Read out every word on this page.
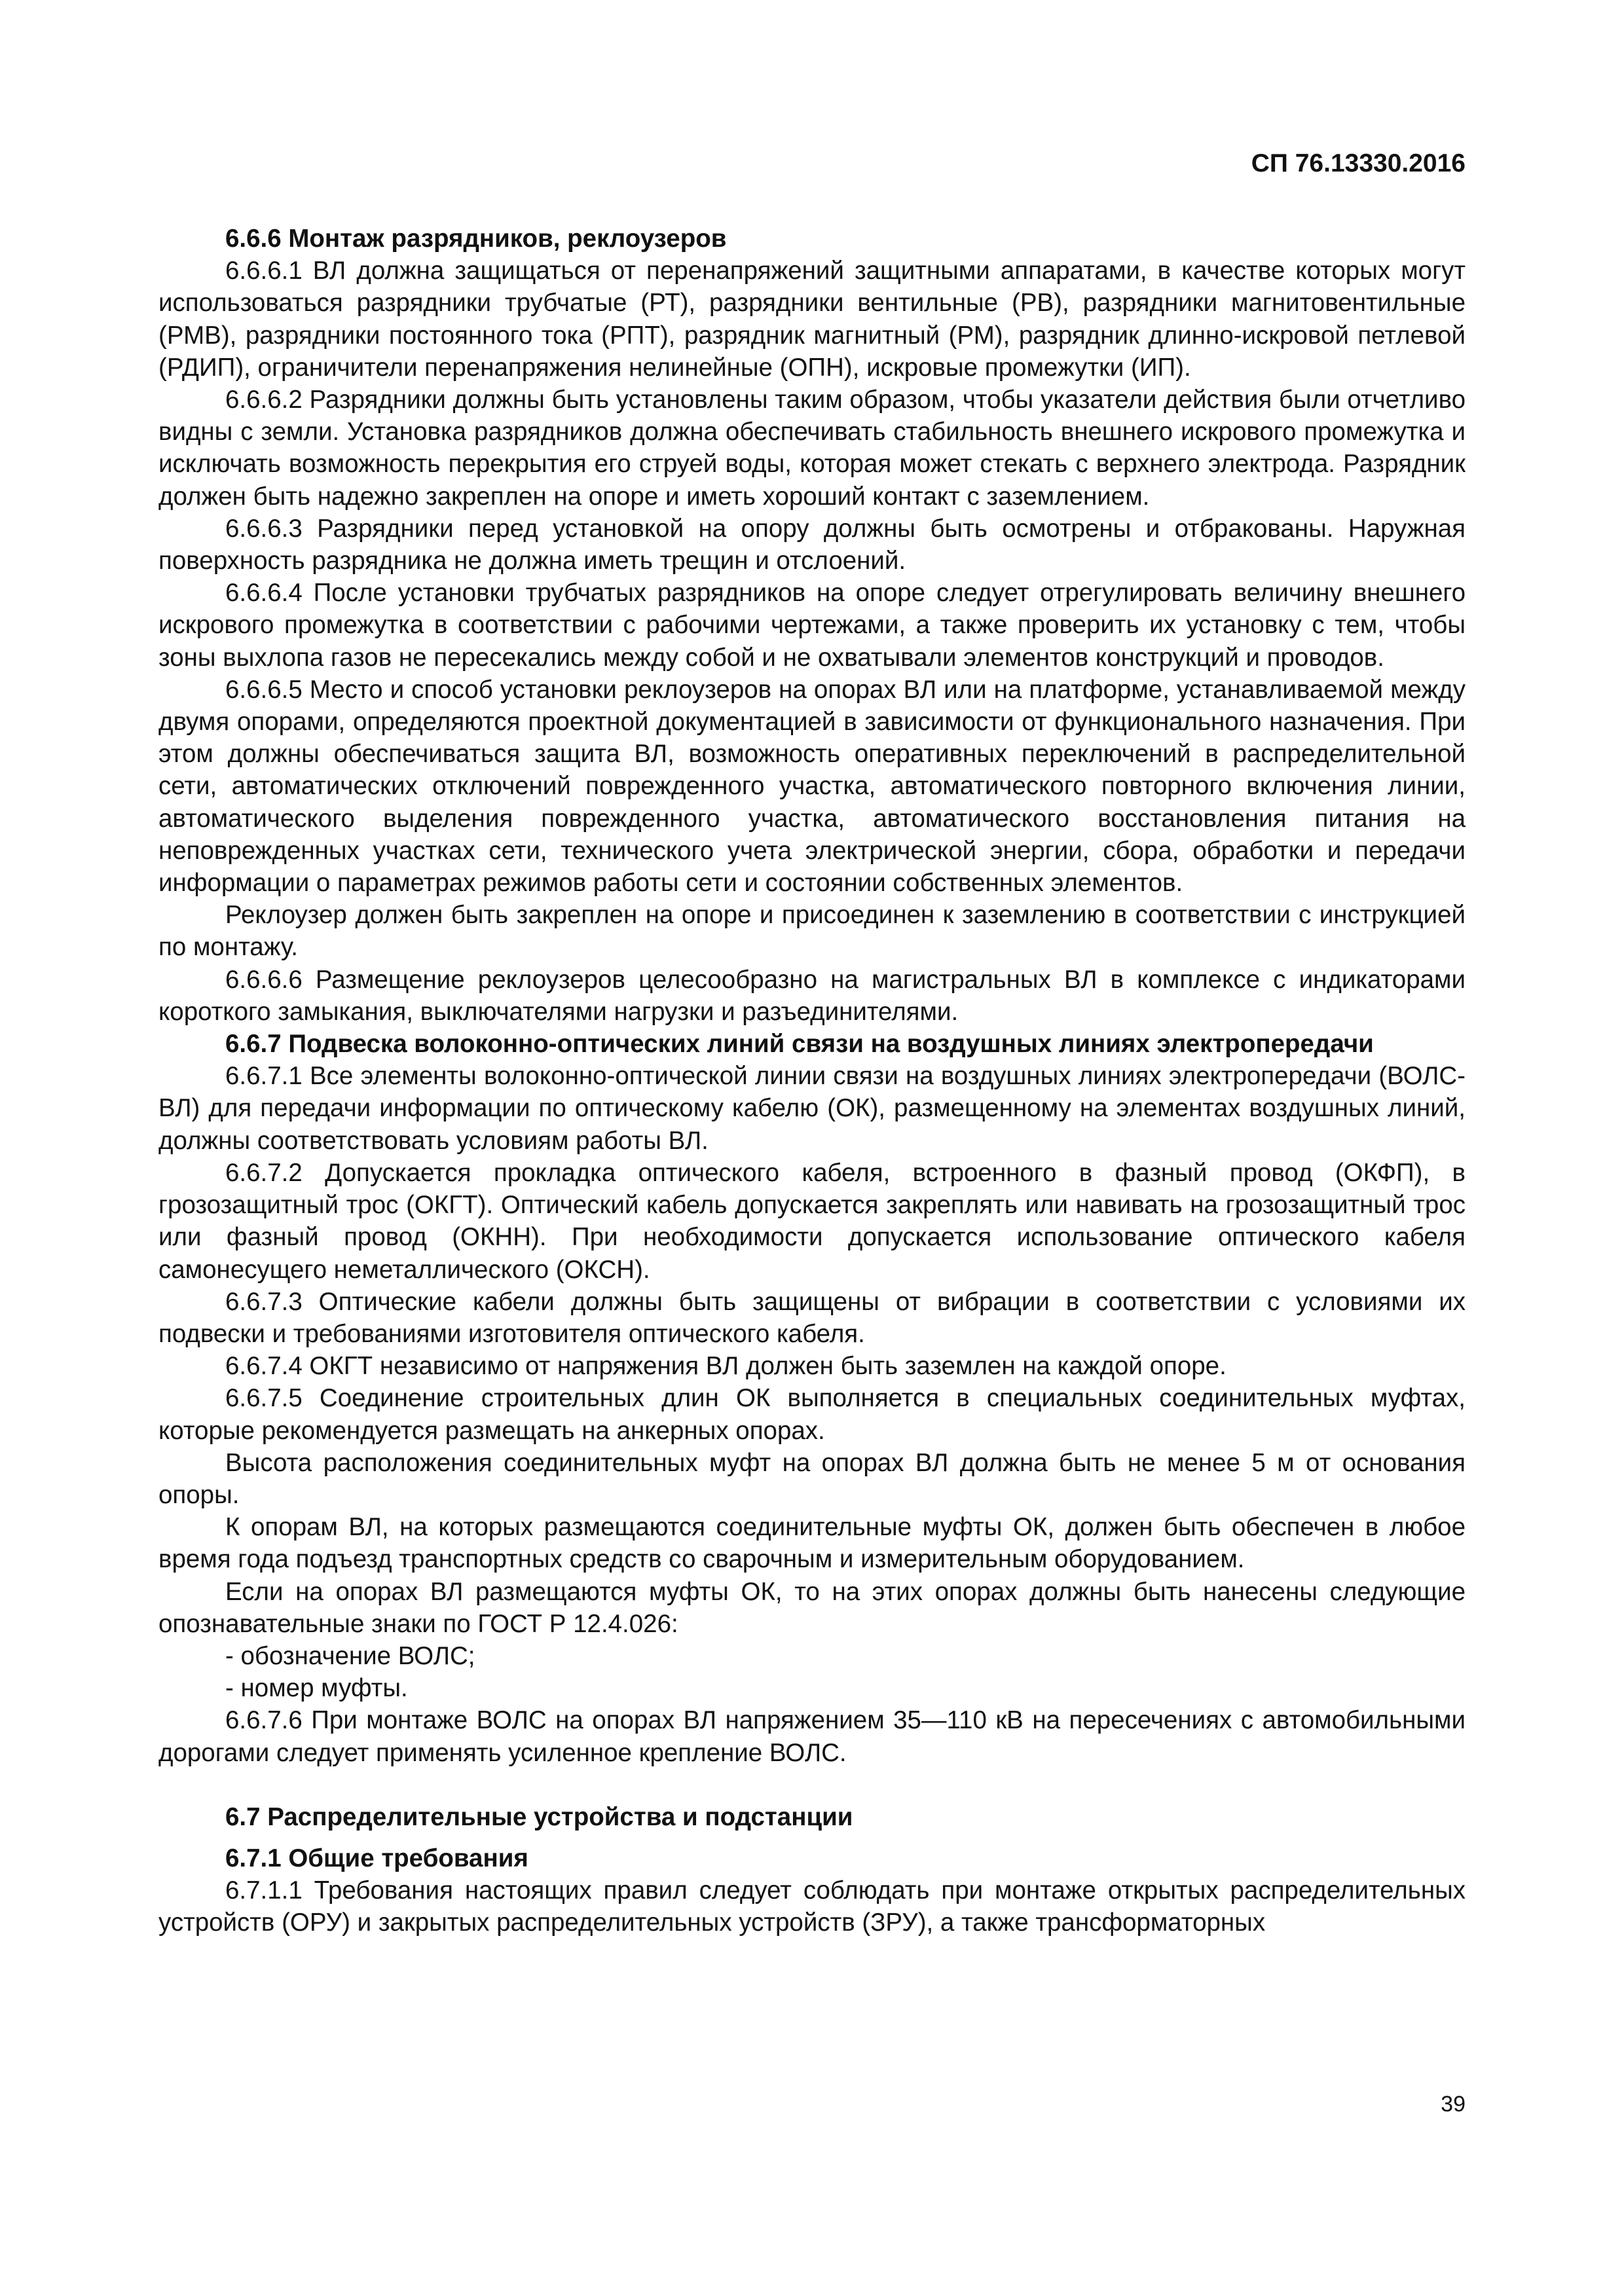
СП 76.13330.2016

6.6.6 Монтаж разрядников, реклоузеров

6.6.6.1 ВЛ должна защищаться от перенапряжений защитными аппаратами, в качестве которых могут использоваться разрядники трубчатые (РТ), разрядники вентильные (РВ), разрядники магнитовентильные (РМВ), разрядники постоянного тока (РПТ), разрядник магнитный (РМ), разрядник длинно-искровой петлевой (РДИП), ограничители перенапряжения нелинейные (ОПН), искровые промежутки (ИП).

6.6.6.2 Разрядники должны быть установлены таким образом, чтобы указатели действия были отчетливо видны с земли. Установка разрядников должна обеспечивать стабильность внешнего искрового промежутка и исключать возможность перекрытия его струей воды, которая может стекать с верхнего электрода. Разрядник должен быть надежно закреплен на опоре и иметь хороший контакт с заземлением.

6.6.6.3 Разрядники перед установкой на опору должны быть осмотрены и отбракованы. Наружная поверхность разрядника не должна иметь трещин и отслоений.

6.6.6.4 После установки трубчатых разрядников на опоре следует отрегулировать величину внешнего искрового промежутка в соответствии с рабочими чертежами, а также проверить их установку с тем, чтобы зоны выхлопа газов не пересекались между собой и не охватывали элементов конструкций и проводов.

6.6.6.5 Место и способ установки реклоузеров на опорах ВЛ или на платформе, устанавливаемой между двумя опорами, определяются проектной документацией в зависимости от функционального назначения. При этом должны обеспечиваться защита ВЛ, возможность оперативных переключений в распределительной сети, автоматических отключений поврежденного участка, автоматического повторного включения линии, автоматического выделения поврежденного участка, автоматического восстановления питания на неповрежденных участках сети, технического учета электрической энергии, сбора, обработки и передачи информации о параметрах режимов работы сети и состоянии собственных элементов.

Реклоузер должен быть закреплен на опоре и присоединен к заземлению в соответствии с инструкцией по монтажу.

6.6.6.6 Размещение реклоузеров целесообразно на магистральных ВЛ в комплексе с индикаторами короткого замыкания, выключателями нагрузки и разъединителями.

6.6.7 Подвеска волоконно-оптических линий связи на воздушных линиях электропередачи

6.6.7.1 Все элементы волоконно-оптической линии связи на воздушных линиях электропередачи (ВОЛС-ВЛ) для передачи информации по оптическому кабелю (ОК), размещенному на элементах воздушных линий, должны соответствовать условиям работы ВЛ.

6.6.7.2 Допускается прокладка оптического кабеля, встроенного в фазный провод (ОКФП), в грозозащитный трос (ОКГТ). Оптический кабель допускается закреплять или навивать на грозозащитный трос или фазный провод (ОКНН). При необходимости допускается использование оптического кабеля самонесущего неметаллического (ОКСН).

6.6.7.3 Оптические кабели должны быть защищены от вибрации в соответствии с условиями их подвески и требованиями изготовителя оптического кабеля.

6.6.7.4 ОКГТ независимо от напряжения ВЛ должен быть заземлен на каждой опоре.

6.6.7.5 Соединение строительных длин ОК выполняется в специальных соединительных муфтах, которые рекомендуется размещать на анкерных опорах.

Высота расположения соединительных муфт на опорах ВЛ должна быть не менее 5 м от основания опоры.

К опорам ВЛ, на которых размещаются соединительные муфты ОК, должен быть обеспечен в любое время года подъезд транспортных средств со сварочным и измерительным оборудованием.

Если на опорах ВЛ размещаются муфты ОК, то на этих опорах должны быть нанесены следующие опознавательные знаки по ГОСТ Р 12.4.026:

- обозначение ВОЛС;

- номер муфты.

6.6.7.6 При монтаже ВОЛС на опорах ВЛ напряжением 35—110 кВ на пересечениях с автомобильными дорогами следует применять усиленное крепление ВОЛС.

6.7 Распределительные устройства и подстанции

6.7.1 Общие требования

6.7.1.1 Требования настоящих правил следует соблюдать при монтаже открытых распределительных устройств (ОРУ) и закрытых распределительных устройств (ЗРУ), а также трансформаторных

39
